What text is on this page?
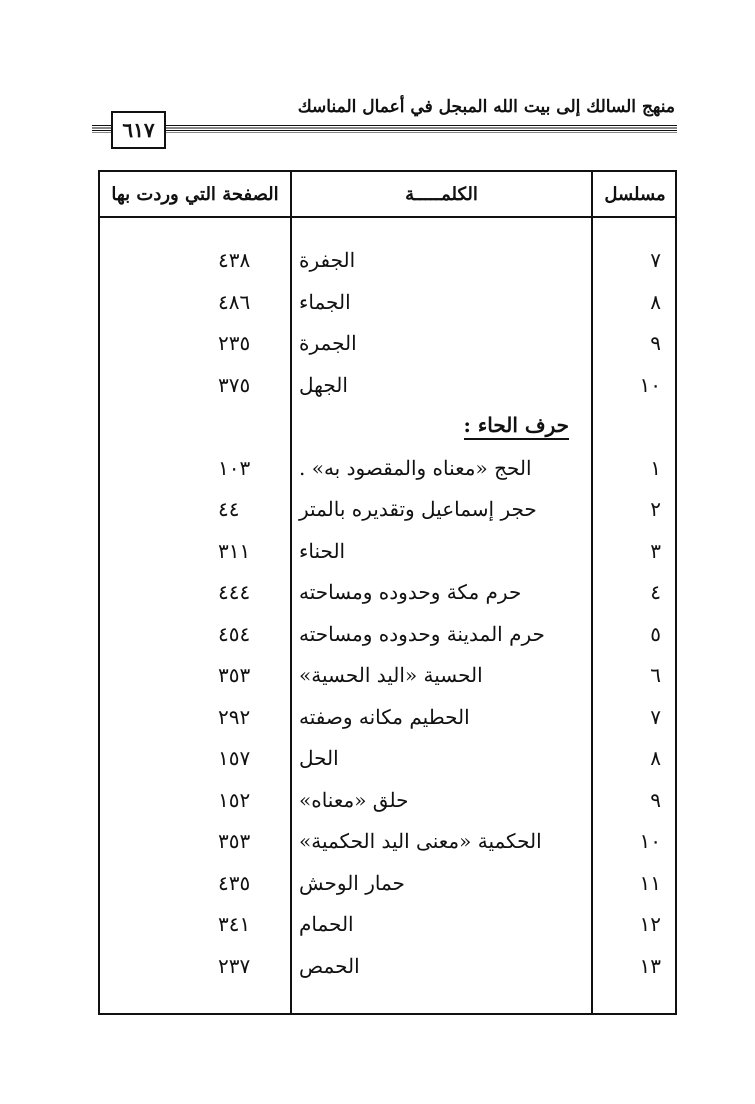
منهج السالك إلى بيت الله المبجل في أعمال المناسك
٦١٧
مسلسل
الكلمـــــة
الصفحة التي وردت بها
٧
الجفرة
٤٣٨
٨
الجماء
٤٨٦
٩
الجمرة
٢٣٥
١٠
الجهل
٣٧٥
حرف الحاء :
١
الحج «معناه والمقصود به» .
١٠٣
٢
حجر إسماعيل وتقديره بالمتر
٤٤
٣
الحناء
٣١١
٤
حرم مكة وحدوده ومساحته
٤٤٤
٥
حرم المدينة وحدوده ومساحته
٤٥٤
٦
الحسية «اليد الحسية»
٣٥٣
٧
الحطيم مكانه وصفته
٢٩٢
٨
الحل
١٥٧
٩
حلق «معناه»
١٥٢
١٠
الحكمية «معنى اليد الحكمية»
٣٥٣
١١
حمار الوحش
٤٣٥
١٢
الحمام
٣٤١
١٣
الحمص
٢٣٧
